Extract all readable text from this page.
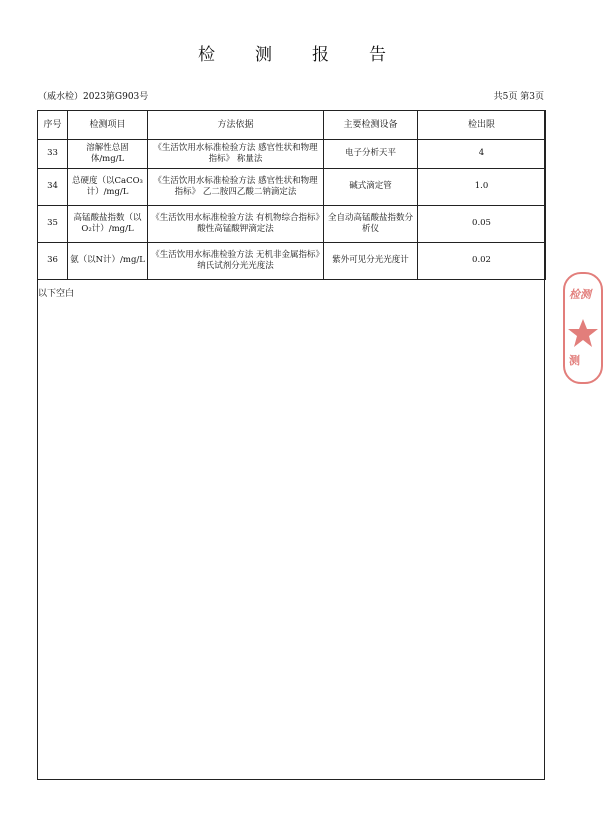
检测报告
（威水检）2023第G903号	共5页 第3页
序号	检测项目	方法依据	主要检测设备	检出限
33	溶解性总固体/mg/L	《生活饮用水标准检验方法 感官性状和物理指标》 称量法	电子分析天平	4
34	总硬度（以CaCO₃计）/mg/L	《生活饮用水标准检验方法 感官性状和物理指标》 乙二胺四乙酸二钠滴定法	碱式滴定管	1.0
35	高锰酸盐指数（以O₂计）/mg/L	《生活饮用水标准检验方法 有机物综合指标》酸性高锰酸钾滴定法	全自动高锰酸盐指数分析仪	0.05
36	氨（以N计）/mg/L	《生活饮用水标准检验方法 无机非金属指标》纳氏试剂分光光度法	紫外可见分光光度计	0.02
以下空白	检测
测
